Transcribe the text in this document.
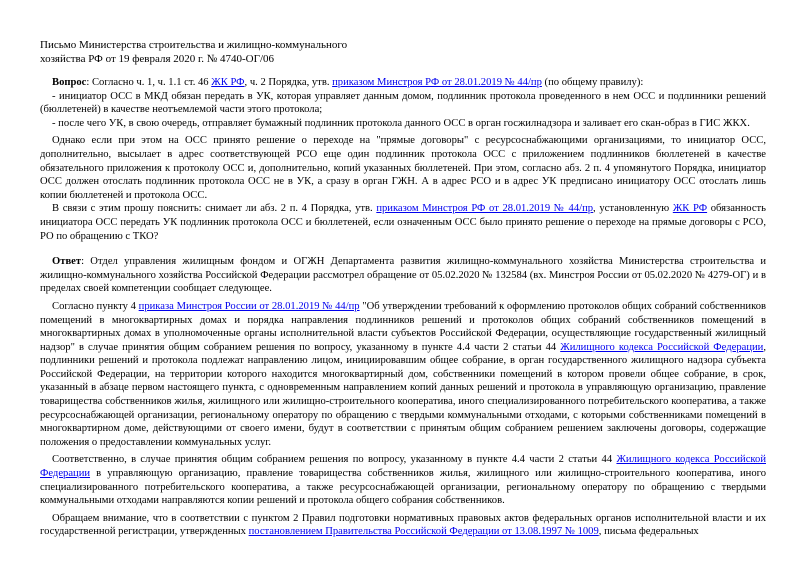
Письмо Министерства строительства и жилищно-коммунального
хозяйства РФ от 19 февраля 2020 г. № 4740-ОГ/06

Вопрос: Согласно ч. 1, ч. 1.1 ст. 46 ЖК РФ, ч. 2 Порядка, утв. приказом Минстроя РФ от 28.01.2019 № 44/пр (по общему правилу):

- инициатор ОСС в МКД обязан передать в УК, которая управляет данным домом, подлинник протокола проведенного в нем ОСС и подлинники решений (бюллетеней) в качестве неотъемлемой части этого протокола;

- после чего УК, в свою очередь, отправляет бумажный подлинник протокола данного ОСС в орган госжилнадзора и заливает его скан-образ в ГИС ЖКХ.

Однако если при этом на ОСС принято решение о переходе на "прямые договоры" с ресурсоснабжающими организациями, то инициатор ОСС, дополнительно, высылает в адрес соответствующей РСО еще один подлинник протокола ОСС с приложением подлинников бюллетеней в качестве обязательного приложения к протоколу ОСС и, дополнительно, копий указанных бюллетеней. При этом, согласно абз. 2 п. 4 упомянутого Порядка, инициатор ОСС должен отослать подлинник протокола ОСС не в УК, а сразу в орган ГЖН. А в адрес РСО и в адрес УК предписано инициатору ОСС отослать лишь копии бюллетеней и протокола ОСС.

В связи с этим прошу пояснить: снимает ли абз. 2 п. 4 Порядка, утв. приказом Минстроя РФ от 28.01.2019 № 44/пр, установленную ЖК РФ обязанность инициатора ОСС передать УК подлинник протокола ОСС и бюллетеней, если означенным ОСС было принято решение о переходе на прямые договоры с РСО, РО по обращению с ТКО?

Ответ: Отдел управления жилищным фондом и ОГЖН Департамента развития жилищно-коммунального хозяйства Министерства строительства и жилищно-коммунального хозяйства Российской Федерации рассмотрел обращение от 05.02.2020 № 132584 (вх. Минстроя России от 05.02.2020 № 4279-ОГ) и в пределах своей компетенции сообщает следующее.

Согласно пункту 4 приказа Минстроя России от 28.01.2019 № 44/пр "Об утверждении требований к оформлению протоколов общих собраний собственников помещений в многоквартирных домах и порядка направления подлинников решений и протоколов общих собраний собственников помещений в многоквартирных домах в уполномоченные органы исполнительной власти субъектов Российской Федерации, осуществляющие государственный жилищный надзор" в случае принятия общим собранием решения по вопросу, указанному в пункте 4.4 части 2 статьи 44 Жилищного кодекса Российской Федерации, подлинники решений и протокола подлежат направлению лицом, инициировавшим общее собрание, в орган государственного жилищного надзора субъекта Российской Федерации, на территории которого находится многоквартирный дом, собственники помещений в котором провели общее собрание, в срок, указанный в абзаце первом настоящего пункта, с одновременным направлением копий данных решений и протокола в управляющую организацию, правление товарищества собственников жилья, жилищного или жилищно-строительного кооператива, иного специализированного потребительского кооператива, а также ресурсоснабжающей организации, региональному оператору по обращению с твердыми коммунальными отходами, с которыми собственниками помещений в многоквартирном доме, действующими от своего имени, будут в соответствии с принятым общим собранием решением заключены договоры, содержащие положения о предоставлении коммунальных услуг.

Соответственно, в случае принятия общим собранием решения по вопросу, указанному в пункте 4.4 части 2 статьи 44 Жилищного кодекса Российской Федерации в управляющую организацию, правление товарищества собственников жилья, жилищного или жилищно-строительного кооператива, иного специализированного потребительского кооператива, а также ресурсоснабжающей организации, региональному оператору по обращению с твердыми коммунальными отходами направляются копии решений и протокола общего собрания собственников.

Обращаем внимание, что в соответствии с пунктом 2 Правил подготовки нормативных правовых актов федеральных органов исполнительной власти и их государственной регистрации, утвержденных постановлением Правительства Российской Федерации от 13.08.1997 № 1009, письма федеральных
